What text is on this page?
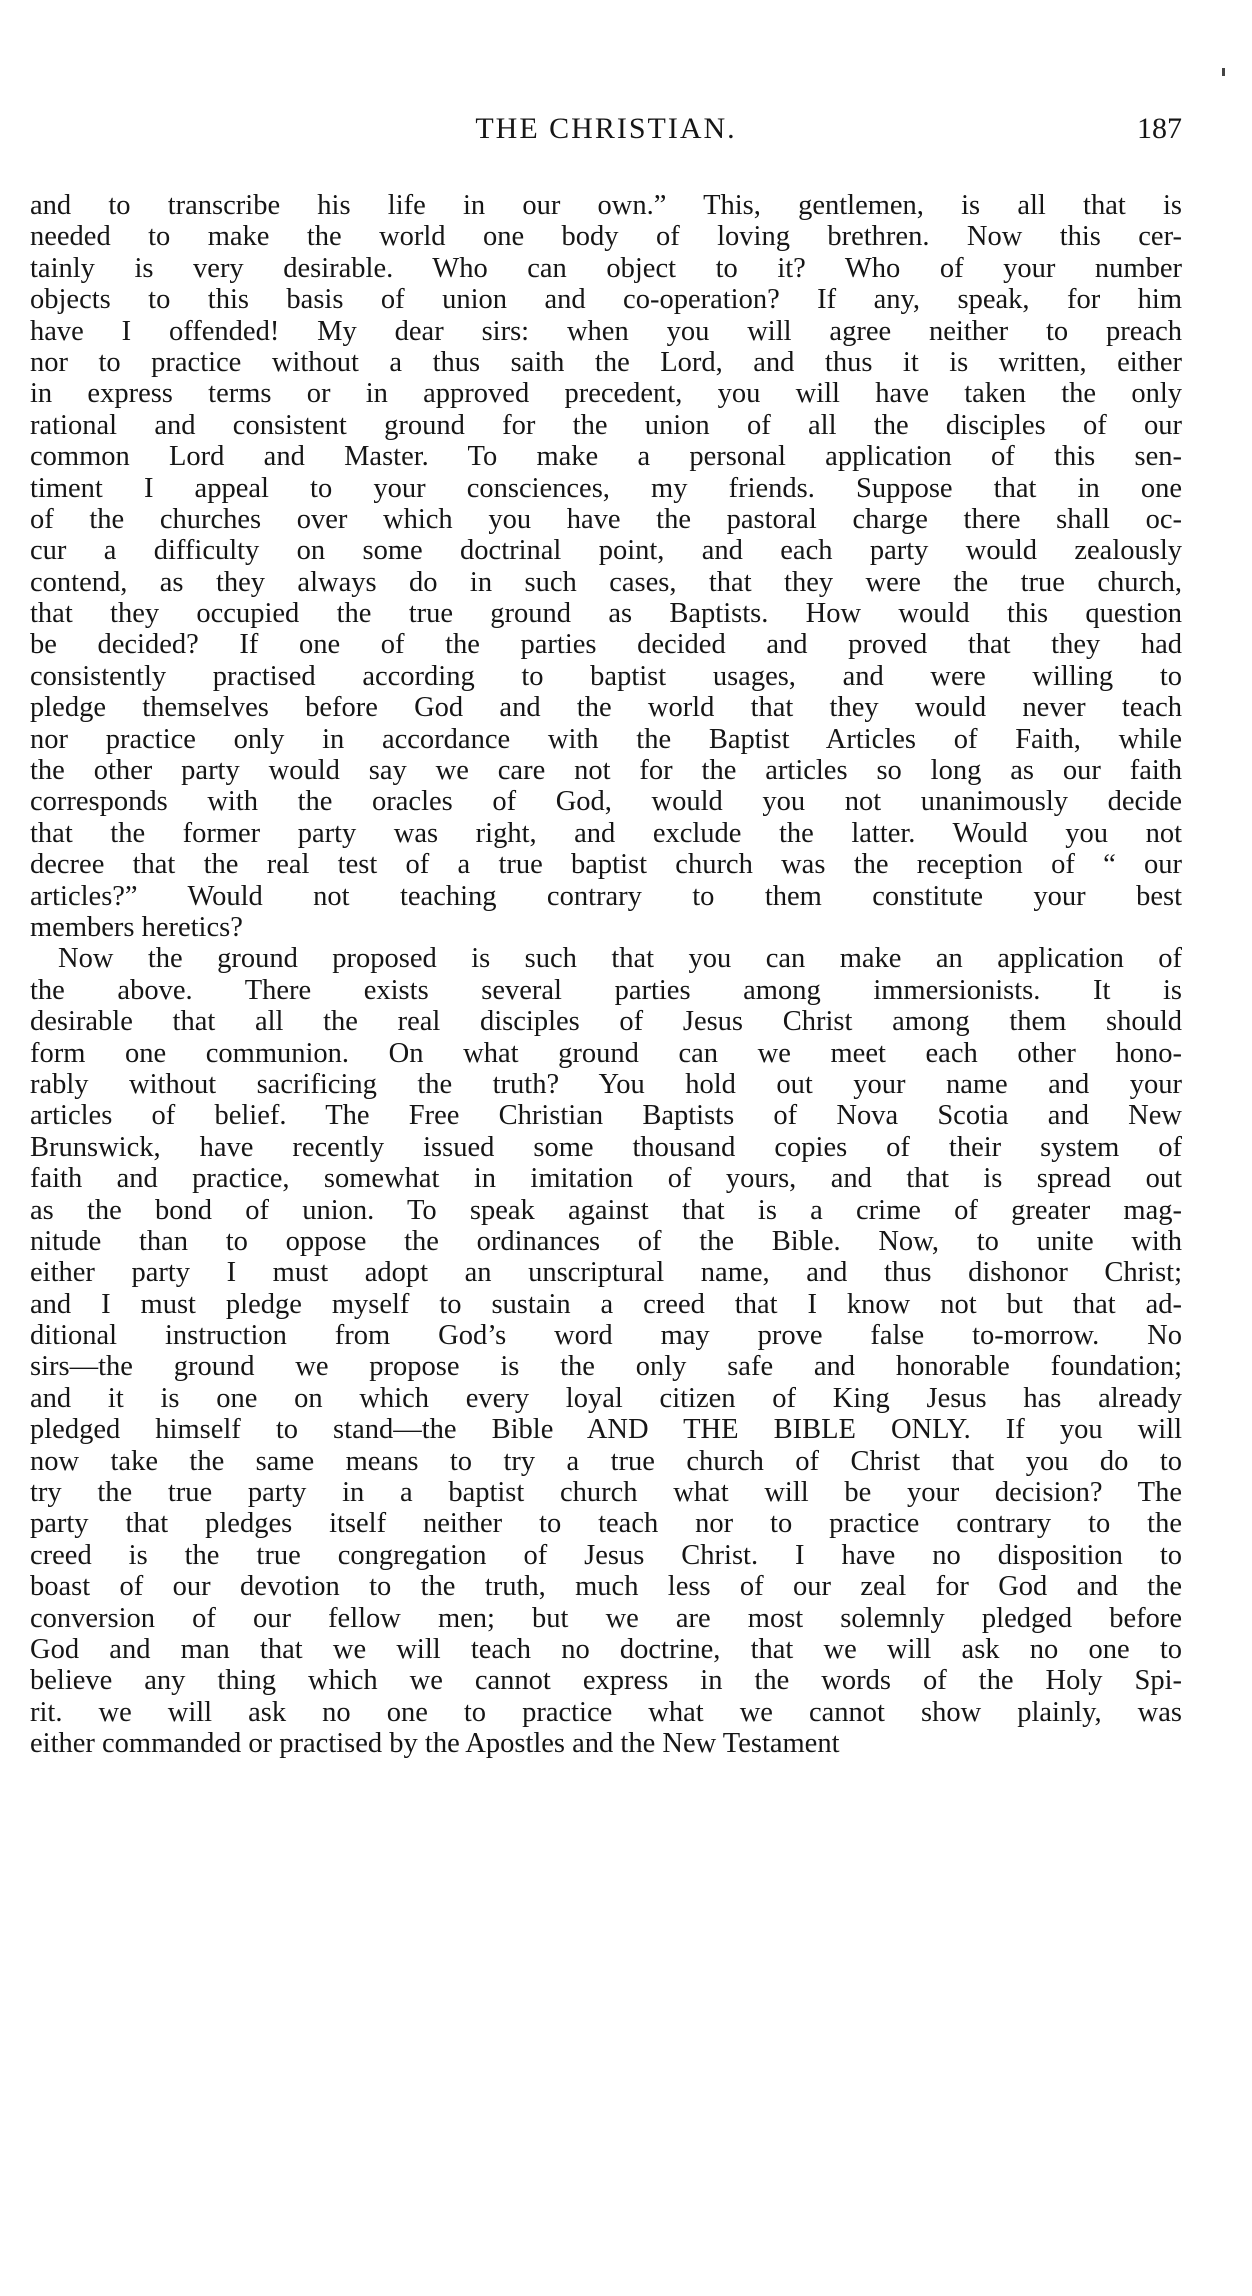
THE CHRISTIAN.	187
and to transcribe his life in our own.” This, gentlemen, is all that is
needed to make the world one body of loving brethren. Now this cer-
tainly is very desirable. Who can object to it? Who of your number
objects to this basis of union and co-operation? If any, speak, for him
have I offended! My dear sirs: when you will agree neither to preach
nor to practice without a thus saith the Lord, and thus it is written, either
in express terms or in approved precedent, you will have taken the only
rational and consistent ground for the union of all the disciples of our
common Lord and Master. To make a personal application of this sen-
timent I appeal to your consciences, my friends. Suppose that in one
of the churches over which you have the pastoral charge there shall oc-
cur a difficulty on some doctrinal point, and each party would zealously
contend, as they always do in such cases, that they were the true church,
that they occupied the true ground as Baptists. How would this question
be decided? If one of the parties decided and proved that they had
consistently practised according to baptist usages, and were willing to
pledge themselves before God and the world that they would never teach
nor practice only in accordance with the Baptist Articles of Faith, while
the other party would say we care not for the articles so long as our faith
corresponds with the oracles of God, would you not unanimously decide
that the former party was right, and exclude the latter. Would you not
decree that the real test of a true baptist church was the reception of “ our
articles?” Would not teaching contrary to them constitute your best
members heretics?
Now the ground proposed is such that you can make an application of
the above. There exists several parties among immersionists. It is
desirable that all the real disciples of Jesus Christ among them should
form one communion. On what ground can we meet each other hono-
rably without sacrificing the truth? You hold out your name and your
articles of belief. The Free Christian Baptists of Nova Scotia and New
Brunswick, have recently issued some thousand copies of their system of
faith and practice, somewhat in imitation of yours, and that is spread out
as the bond of union. To speak against that is a crime of greater mag-
nitude than to oppose the ordinances of the Bible. Now, to unite with
either party I must adopt an unscriptural name, and thus dishonor Christ;
and I must pledge myself to sustain a creed that I know not but that ad-
ditional instruction from God’s word may prove false to-morrow. No
sirs—the ground we propose is the only safe and honorable foundation;
and it is one on which every loyal citizen of King Jesus has already
pledged himself to stand—the Bible AND THE BIBLE ONLY. If you will
now take the same means to try a true church of Christ that you do to
try the true party in a baptist church what will be your decision? The
party that pledges itself neither to teach nor to practice contrary to the
creed is the true congregation of Jesus Christ. I have no disposition to
boast of our devotion to the truth, much less of our zeal for God and the
conversion of our fellow men; but we are most solemnly pledged before
God and man that we will teach no doctrine, that we will ask no one to
believe any thing which we cannot express in the words of the Holy Spi-
rit. we will ask no one to practice what we cannot show plainly, was
either commanded or practised by the Apostles and the New Testament
